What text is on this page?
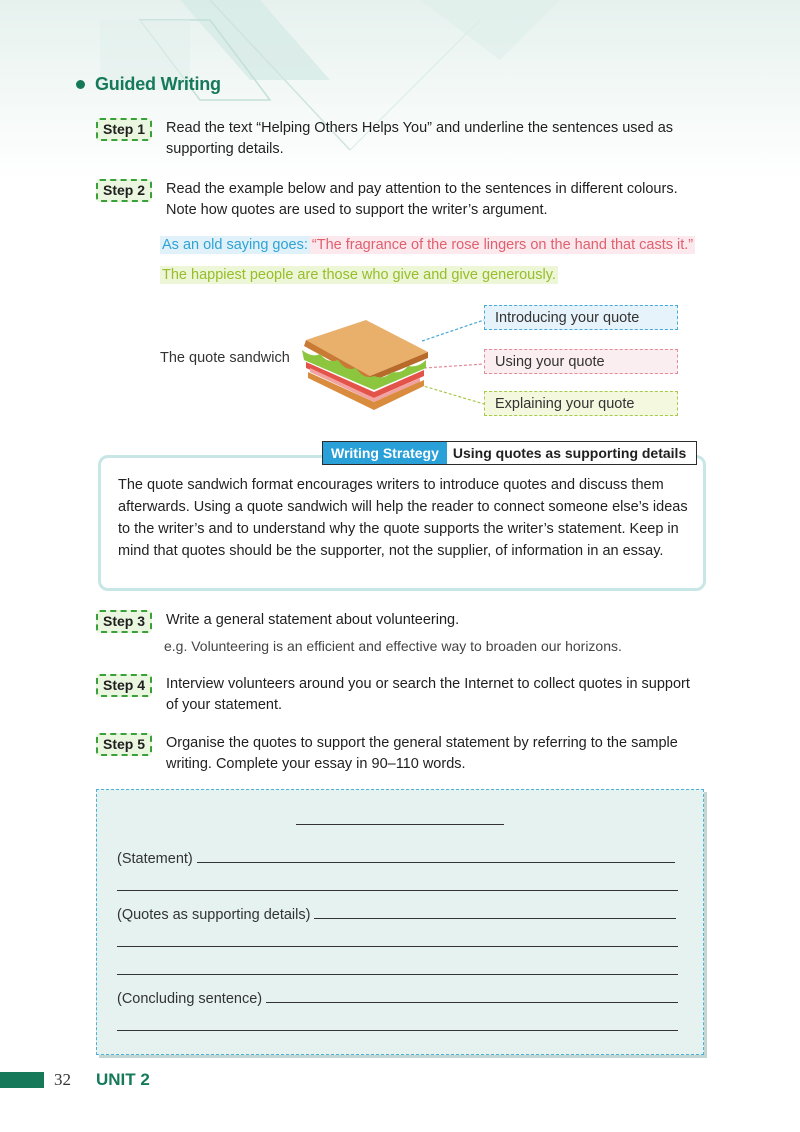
Guided Writing
Step 1	Read the text “Helping Others Helps You” and underline the sentences used as supporting details.
Step 2	Read the example below and pay attention to the sentences in different colours. Note how quotes are used to support the writer’s argument.
As an old saying goes: “The fragrance of the rose lingers on the hand that casts it.”
The happiest people are those who give and give generously.
The quote sandwich
Introducing your quote
Using your quote
Explaining your quote
Writing Strategy	Using quotes as supporting details
The quote sandwich format encourages writers to introduce quotes and discuss them afterwards. Using a quote sandwich will help the reader to connect someone else’s ideas to the writer’s and to understand why the quote supports the writer’s statement. Keep in mind that quotes should be the supporter, not the supplier, of information in an essay.
Step 3	Write a general statement about volunteering.
e.g. Volunteering is an efficient and effective way to broaden our horizons.
Step 4	Interview volunteers around you or search the Internet to collect quotes in support of your statement.
Step 5	Organise the quotes to support the general statement by referring to the sample writing. Complete your essay in 90–110 words.
(Statement)
(Quotes as supporting details)
(Concluding sentence)
32 UNIT 2
